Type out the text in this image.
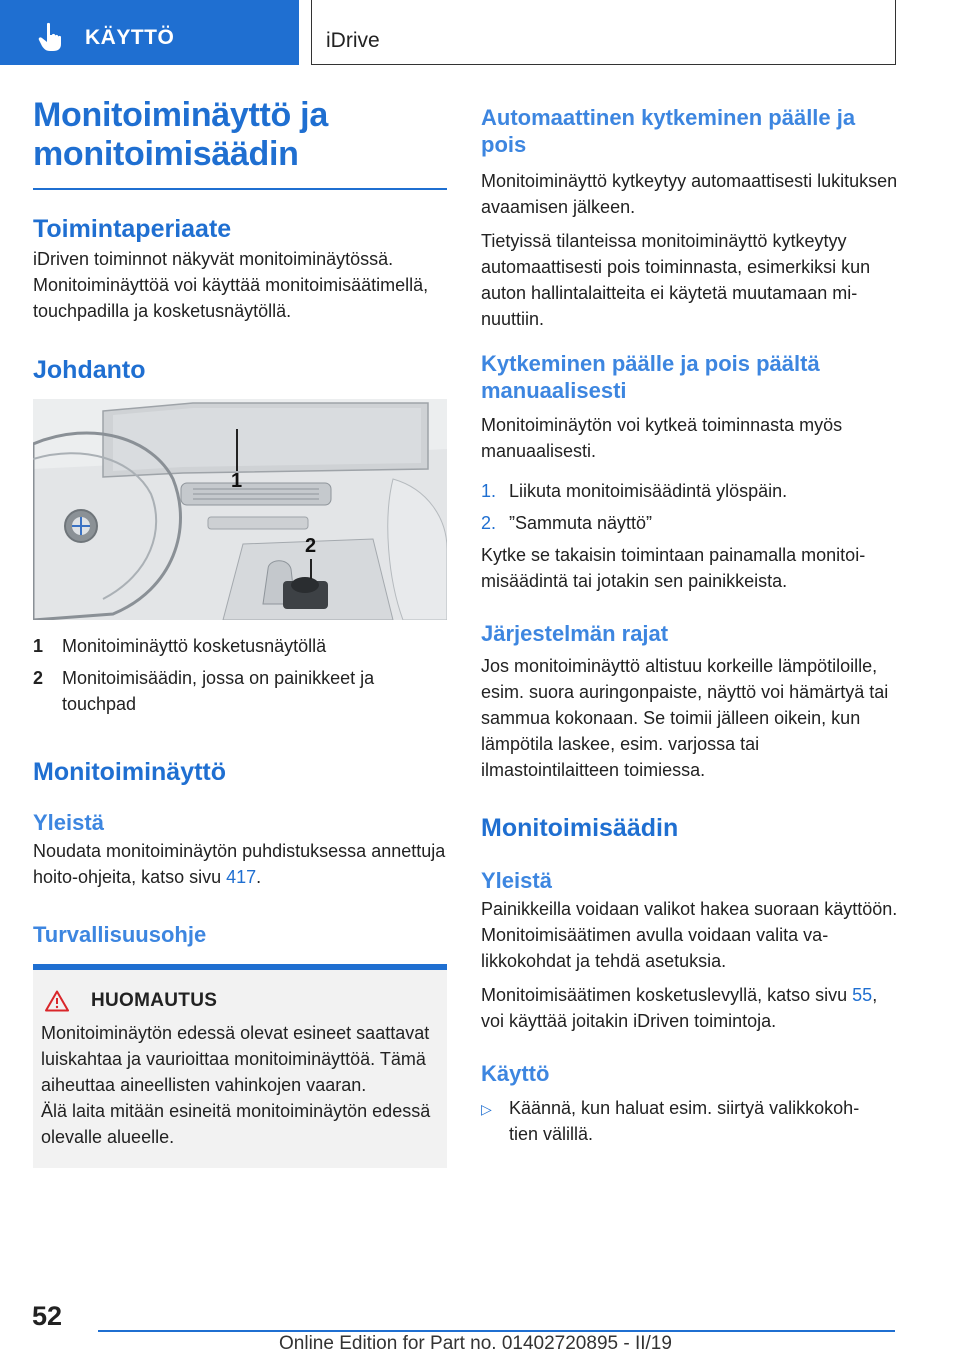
KÄYTTÖ	iDrive
Monitoiminäyttö ja
monitoimisäädin
Toimintaperiaate

iDriven toiminnot näkyvät monitoiminäytössä. Monitoiminäyttöä voi käyttää monitoimisäätimellä, touchpadilla ja kosketusnäytöllä.

Johdanto
1
2
1	Monitoiminäyttö kosketusnäytöllä
2	Monitoimisäädin, jossa on painikkeet ja touchpad
Monitoiminäyttö
Yleistä

Noudata monitoiminäytön puhdistuksessa annettuja hoito-ohjeita, katso sivu 417.

Turvallisuusohje
HUOMAUTUS

Monitoiminäytön edessä olevat esineet saattavat luiskahtaa ja vaurioittaa monitoiminäyttöä. Tämä aiheuttaa aineellisten vahinkojen vaaran.

Älä laita mitään esineitä monitoiminäytön edessä olevalle alueelle.

Automaattinen kytkeminen päälle ja pois

Monitoiminäyttö kytkeytyy automaattisesti lukituksen avaamisen jälkeen.

Tietyissä tilanteissa monitoiminäyttö kytkeytyy automaattisesti pois toiminnasta, esimerkiksi kun auton hallintalaitteita ei käytetä muutamaan minuuttiin.

Kytkeminen päälle ja pois päältä manuaalisesti

Monitoiminäytön voi kytkeä toiminnasta myös manuaalisesti.

1. Liikuta monitoimisäädintä ylöspäin.
2. ”Sammuta näyttö”

Kytke se takaisin toimintaan painamalla monitoimisäädintä tai jotakin sen painikkeista.

Järjestelmän rajat

Jos monitoiminäyttö altistuu korkeille lämpötiloille, esim. suora auringonpaiste, näyttö voi hämärtyä tai sammua kokonaan. Se toimii jälleen oikein, kun lämpötila laskee, esim. varjossa tai ilmastointilaitteen toimiessa.

Monitoimisäädin
Yleistä

Painikkeilla voidaan valikot hakea suoraan käyttöön. Monitoimisäätimen avulla voidaan valita valikkokohdat ja tehdä asetuksia.

Monitoimisäätimen kosketuslevyllä, katso sivu 55, voi käyttää joitakin iDriven toimintoja.

Käyttö
▷ Käännä, kun haluat esim. siirtyä valikkokohtien välillä.
52
Online Edition for Part no. 01402720895 - II/19
